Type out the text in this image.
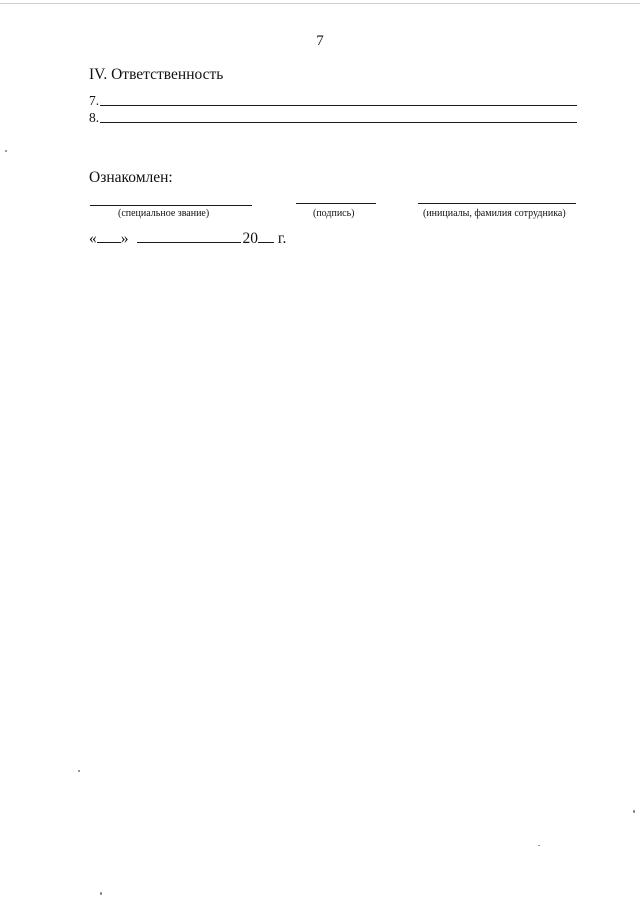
7
IV. Ответственность
7.
8.
Ознакомлен:
(специальное звание)	(подпись)	(инициалы, фамилия сотрудника)
« »	20 г.
